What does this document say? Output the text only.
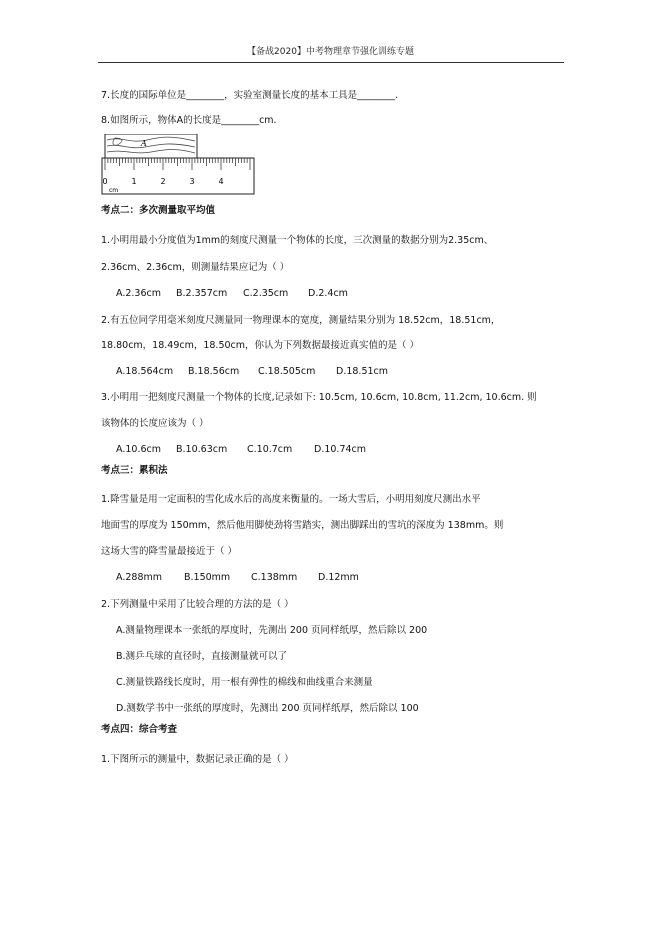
【备战2020】中考物理章节强化训练专题
7.长度的国际单位是________，实验室测量长度的基本工具是________.
8.如图所示，物体A的长度是________cm.
A
0	1	2	3	4
cm
考点二：多次测量取平均值
1.小明用最小分度值为1mm的刻度尺测量一个物体的长度，三次测量的数据分别为2.35cm、
2.36cm、2.36cm，则测量结果应记为（ ）
A.2.36cm B.2.357cm C.2.35cm D.2.4cm
2.有五位同学用毫米刻度尺测量同一物理课本的宽度，测量结果分别为 18.52cm，18.51cm，
18.80cm，18.49cm，18.50cm，你认为下列数据最接近真实值的是（ ）
A.18.564cm B.18.56cm C.18.505cm D.18.51cm
3.小明用一把刻度尺测量一个物体的长度,记录如下: 10.5cm, 10.6cm, 10.8cm, 11.2cm, 10.6cm. 则
该物体的长度应该为（ ）
A.10.6cm B.10.63cm C.10.7cm D.10.74cm
考点三：累积法
1.降雪量是用一定面积的雪化成水后的高度来衡量的。一场大雪后，小明用刻度尺测出水平
地面雪的厚度为 150mm，然后他用脚使劲将雪踏实，测出脚踩出的雪坑的深度为 138mm。则
这场大雪的降雪量最接近于（ ）
A.288mm B.150mm C.138mm D.12mm
2.下列测量中采用了比较合理的方法的是（ ）
A.测量物理课本一张纸的厚度时，先测出 200 页同样纸厚，然后除以 200
B.测乒乓球的直径时，直接测量就可以了
C.测量铁路线长度时，用一根有弹性的棉线和曲线重合来测量
D.测数学书中一张纸的厚度时，先测出 200 页同样纸厚，然后除以 100
考点四：综合考查
1.下图所示的测量中，数据记录正确的是（ ）
